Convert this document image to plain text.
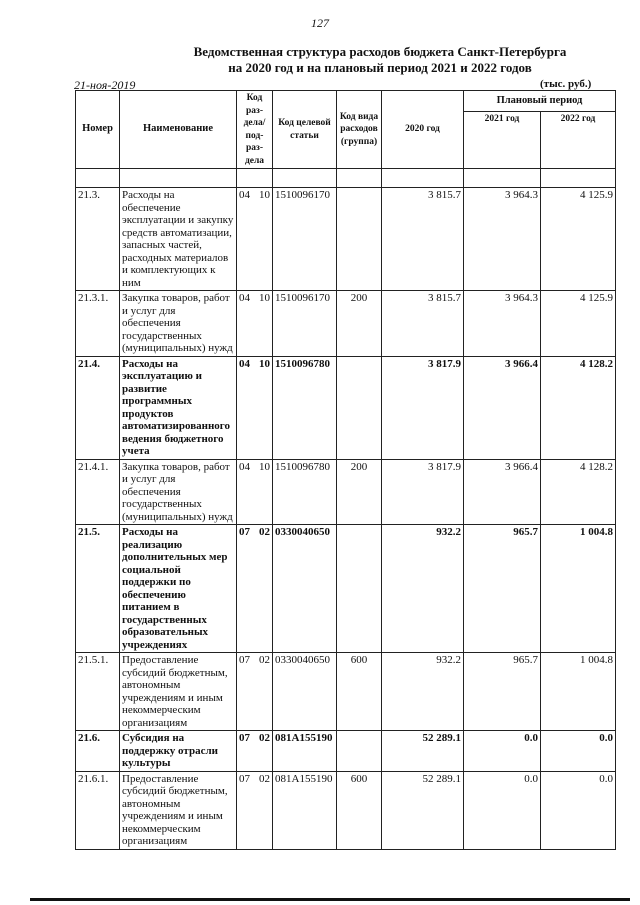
127
Ведомственная структура расходов бюджета Санкт-Петербурга
на 2020 год и на плановый период 2021 и 2022 годов
21-ноя-2019	(тыс. руб.)
Номер	Наименование	Код раз-дела/ под-раз-дела	Код целевой статьи	Код вида расходов (группа)	2020 год	Плановый период	
						2021 год	2022 год

21.3.	Расходы на обеспечение эксплуатации и закупку средств автоматизации, запасных частей, расходных материалов и комплектующих к ним	04 10	1510096170		3 815.7	3 964.3	4 125.9
21.3.1.	Закупка товаров, работ и услуг для обеспечения государственных (муниципальных) нужд	04 10	1510096170	200	3 815.7	3 964.3	4 125.9
21.4.	Расходы на эксплуатацию и развитие программных продуктов автоматизированного ведения бюджетного учета	04 10	1510096780		3 817.9	3 966.4	4 128.2
21.4.1.	Закупка товаров, работ и услуг для обеспечения государственных (муниципальных) нужд	04 10	1510096780	200	3 817.9	3 966.4	4 128.2
21.5.	Расходы на реализацию дополнительных мер социальной поддержки по обеспечению питанием в государственных образовательных учреждениях	07 02	0330040650		932.2	965.7	1 004.8
21.5.1.	Предоставление субсидий бюджетным, автономным учреждениям и иным некоммерческим организациям	07 02	0330040650	600	932.2	965.7	1 004.8
21.6.	Субсидия на поддержку отрасли культуры	07 02	081A155190		52 289.1	0.0	0.0
21.6.1.	Предоставление субсидий бюджетным, автономным учреждениям и иным некоммерческим организациям	07 02	081A155190	600	52 289.1	0.0	0.0
